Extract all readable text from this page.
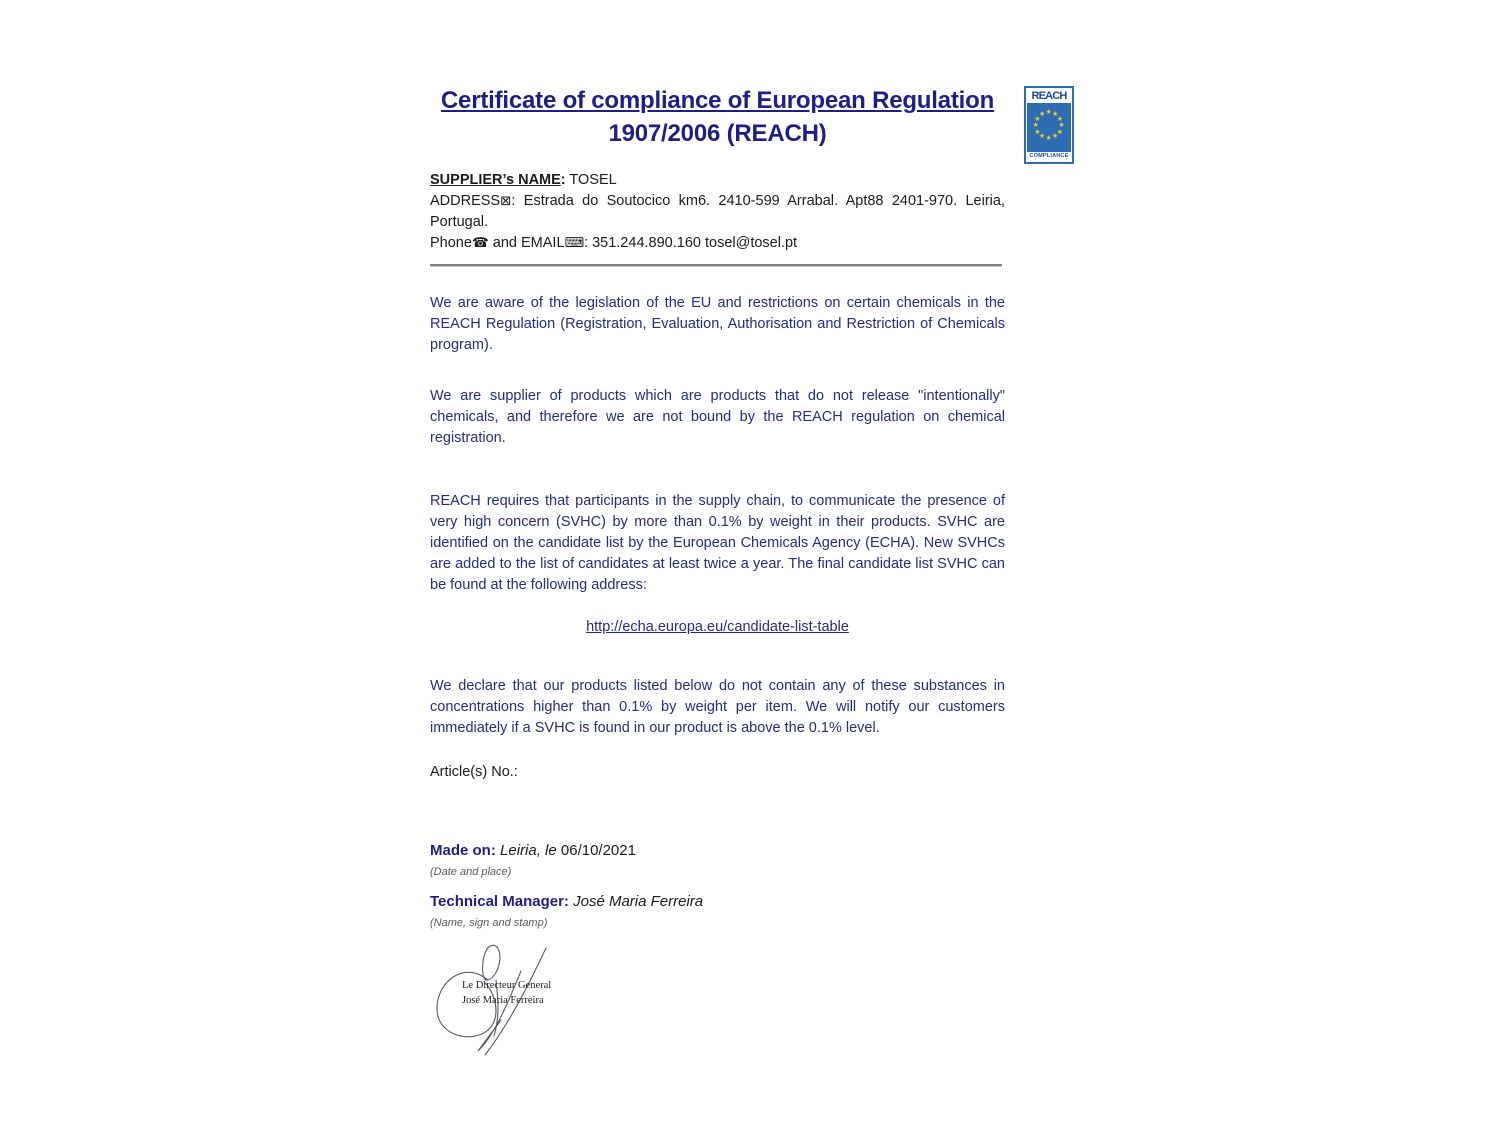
Certificate of compliance of European Regulation
1907/2006 (REACH)
REACH
★ ★
★
★
★
★
★
★
★
★
★
★
COMPLIANCE

SUPPLIER’s NAME: TOSEL

ADDRESS⊠: Estrada do Soutocico km6. 2410-599 Arrabal. Apt88 2401-970. Leiria, Portugal.

Phone☎ and EMAIL⌨: 351.244.890.160 tosel@tosel.pt

We are aware of the legislation of the EU and restrictions on certain chemicals in the REACH Regulation (Registration, Evaluation, Authorisation and Restriction of Chemicals program).

We are supplier of products which are products that do not release "intentionally" chemicals, and therefore we are not bound by the REACH regulation on chemical registration.

REACH requires that participants in the supply chain, to communicate the presence of very high concern (SVHC) by more than 0.1% by weight in their products. SVHC are identified on the candidate list by the European Chemicals Agency (ECHA). New SVHCs are added to the list of candidates at least twice a year. The final candidate list SVHC can be found at the following address:

http://echa.europa.eu/candidate-list-table

We declare that our products listed below do not contain any of these substances in concentrations higher than 0.1% by weight per item. We will notify our customers immediately if a SVHC is found in our product is above the 0.1% level.

Article(s) No.:

Made on: Leiria, le 06/10/2021

(Date and place)

Technical Manager: José Maria Ferreira

(Name, sign and stamp)

Le Directeur General
José Maria Ferreira
